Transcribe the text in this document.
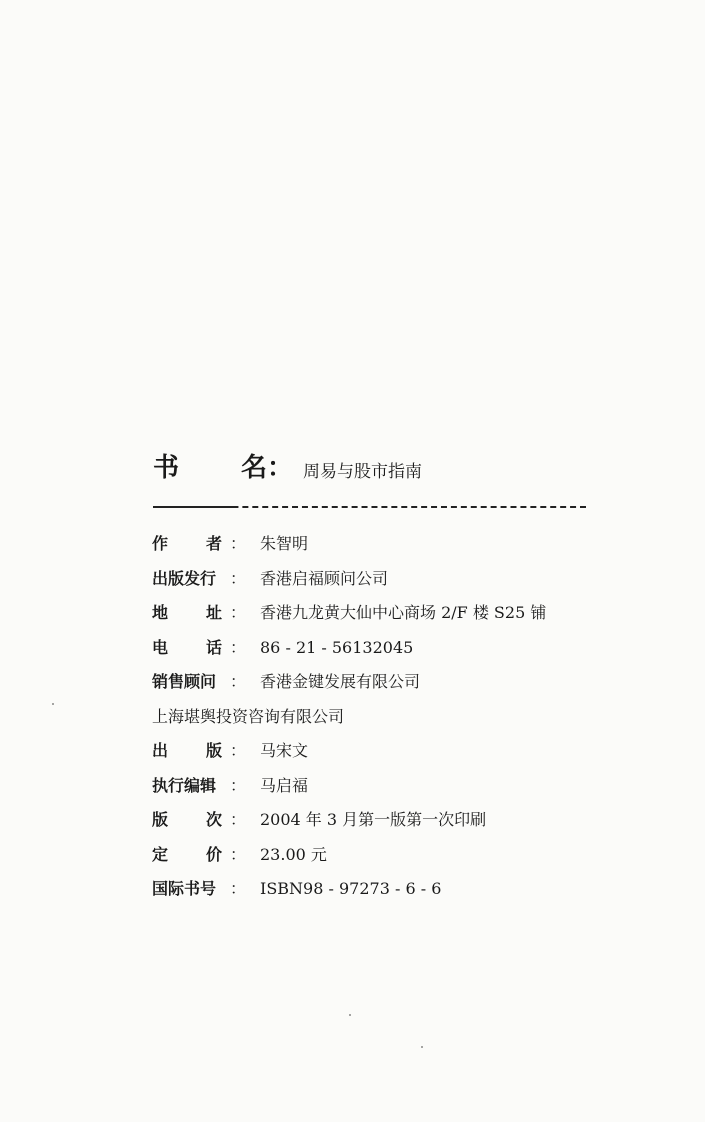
书 名： 周易与股市指南
作 者 ： 朱智明
出版发行 ： 香港启福顾问公司
地 址 ： 香港九龙黄大仙中心商场 2/F 楼 S25 铺
电 话 ： 86 - 21 - 56132045
销售顾问 ： 香港金键发展有限公司
上海堪舆投资咨询有限公司
出 版 ： 马宋文
执行编辑 ： 马启福
版 次 ： 2004 年 3 月第一版第一次印刷
定 价 ： 23.00 元
国际书号 ： ISBN98 - 97273 - 6 - 6
